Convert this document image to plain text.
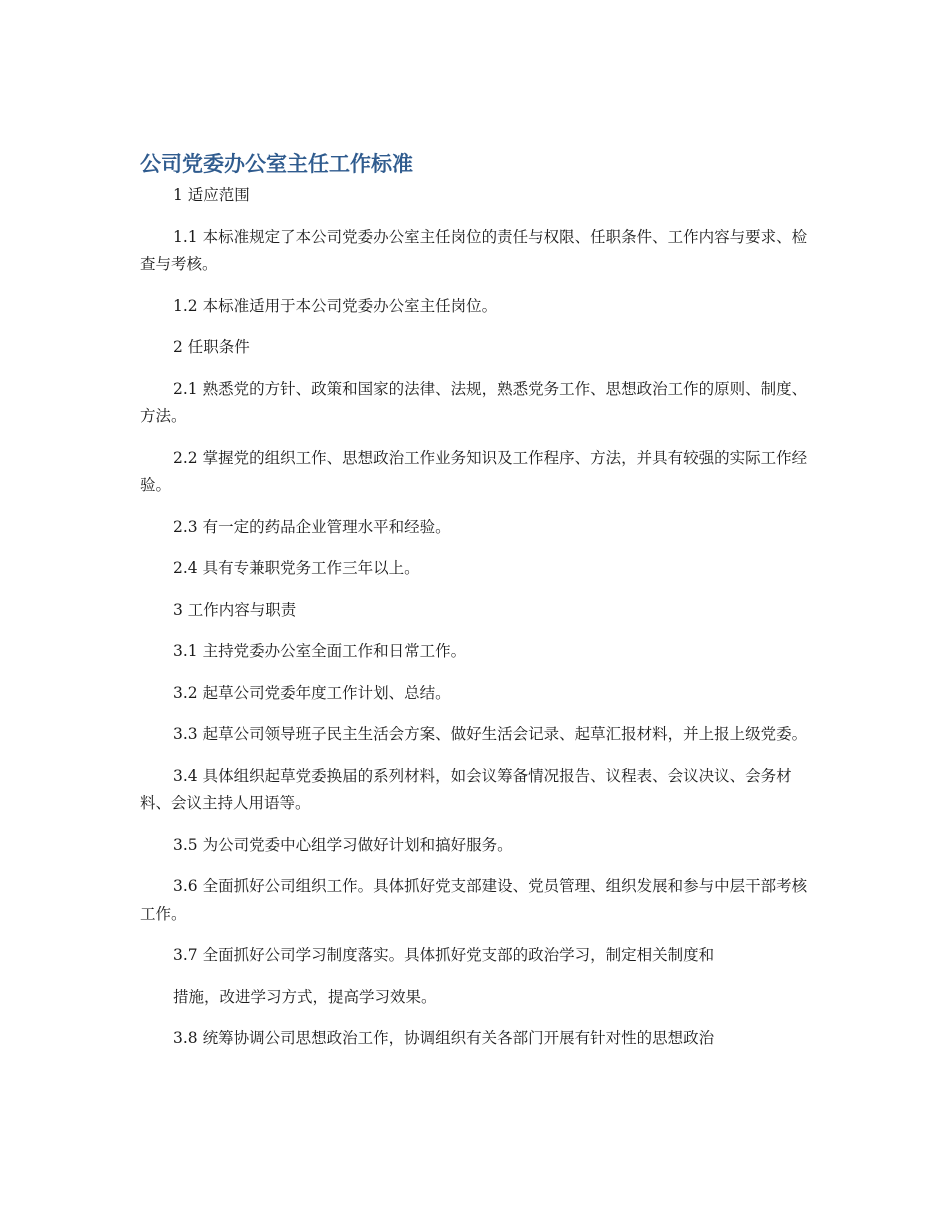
公司党委办公室主任工作标准

1 适应范围

1.1 本标准规定了本公司党委办公室主任岗位的责任与权限、任职条件、工作内容与要求、检查与考核。

1.2 本标准适用于本公司党委办公室主任岗位。

2 任职条件

2.1 熟悉党的方针、政策和国家的法律、法规，熟悉党务工作、思想政治工作的原则、制度、方法。

2.2 掌握党的组织工作、思想政治工作业务知识及工作程序、方法，并具有较强的实际工作经验。

2.3 有一定的药品企业管理水平和经验。

2.4 具有专兼职党务工作三年以上。

3 工作内容与职责

3.1 主持党委办公室全面工作和日常工作。

3.2 起草公司党委年度工作计划、总结。

3.3 起草公司领导班子民主生活会方案、做好生活会记录、起草汇报材料，并上报上级党委。

3.4 具体组织起草党委换届的系列材料，如会议筹备情况报告、议程表、会议决议、会务材料、会议主持人用语等。

3.5 为公司党委中心组学习做好计划和搞好服务。

3.6 全面抓好公司组织工作。具体抓好党支部建设、党员管理、组织发展和参与中层干部考核工作。

3.7 全面抓好公司学习制度落实。具体抓好党支部的政治学习，制定相关制度和

措施，改进学习方式，提高学习效果。

3.8 统筹协调公司思想政治工作，协调组织有关各部门开展有针对性的思想政治
